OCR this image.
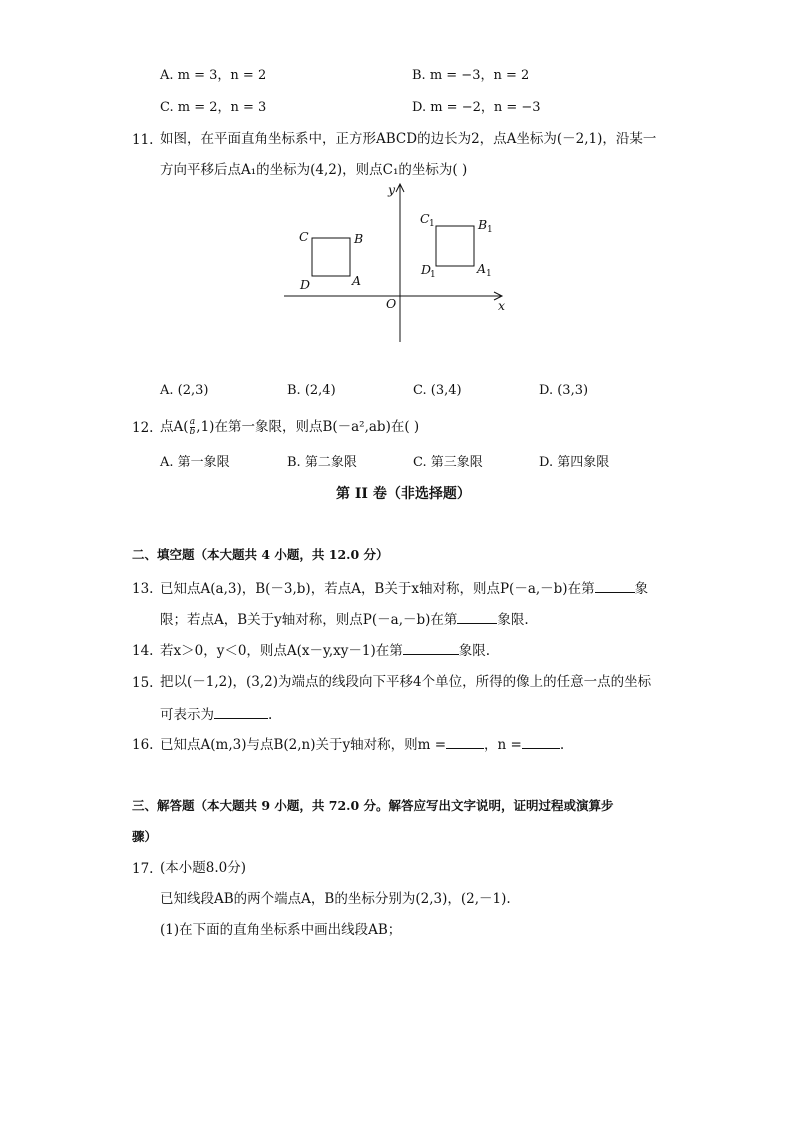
A. m = 3，n = 2	B. m = −3，n = 2
C. m = 2，n = 3	D. m = −2，n = −3
11. 如图，在平面直角坐标系中，正方形ABCD的边长为2，点A坐标为(－2,1)，沿某一
方向平移后点A₁的坐标为(4,2)，则点C₁的坐标为( )
y
x
O
C	B
D	A
C 1	B 1
D
1	A 1
A. (2,3)	B. (2,4)	C. (3,4)	D. (3,3)
12. 点$A( \frac{a}{b} ,1)$在第一象限，则点B(－a²,ab)在( )
A. 第一象限	B. 第二象限	C. 第三象限	D. 第四象限
第 II 卷（非选择题）
二、填空题（本大题共 4 小题，共 12.0 分）
13. 已知点A(a,3)，B(－3,b)，若点A，B关于x轴对称，则点P(－a,－b)在第	象
限；若点A，B关于y轴对称，则点P(－a,－b)在第	象限.
14. 若x＞0，y＜0，则点A(x－y,xy－1)在第	象限.
15. 把以(－1,2)，(3,2)为端点的线段向下平移4个单位，所得的像上的任意一点的坐标
可表示为	.
16. 已知点A(m,3)与点B(2,n)关于y轴对称，则m =	，n =	.
三、解答题（本大题共 9 小题，共 72.0 分。解答应写出文字说明，证明过程或演算步
骤）
17. (本小题8.0分)
已知线段AB的两个端点A，B的坐标分别为(2,3)，(2,－1).
(1)在下面的直角坐标系中画出线段AB；
